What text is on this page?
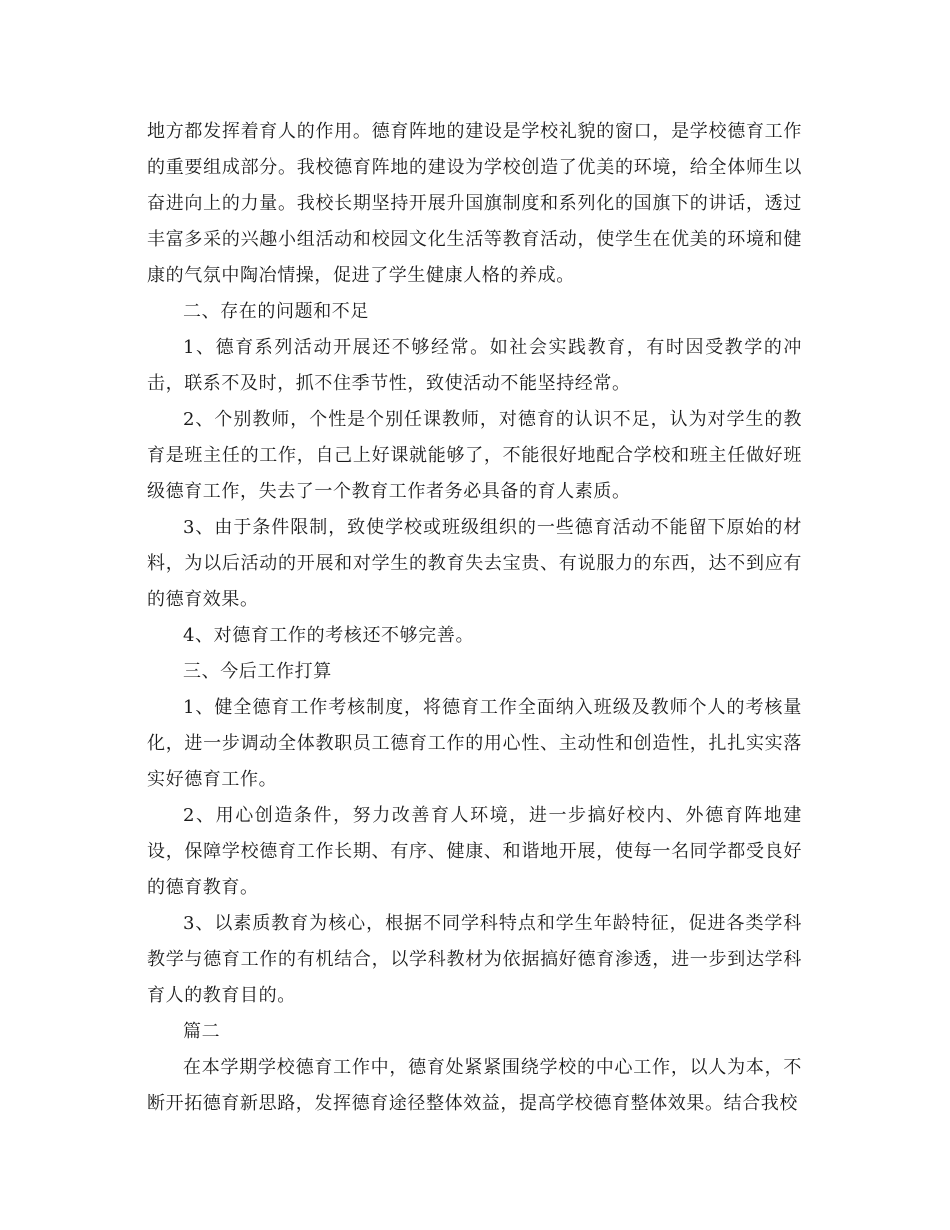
地方都发挥着育人的作用。德育阵地的建设是学校礼貌的窗口，是学校德育工作的重要组成部分。我校德育阵地的建设为学校创造了优美的环境，给全体师生以奋进向上的力量。我校长期坚持开展升国旗制度和系列化的国旗下的讲话，透过丰富多采的兴趣小组活动和校园文化生活等教育活动，使学生在优美的环境和健康的气氛中陶冶情操，促进了学生健康人格的养成。

二、存在的问题和不足

1、德育系列活动开展还不够经常。如社会实践教育，有时因受教学的冲击，联系不及时，抓不住季节性，致使活动不能坚持经常。

2、个别教师，个性是个别任课教师，对德育的认识不足，认为对学生的教育是班主任的工作，自己上好课就能够了，不能很好地配合学校和班主任做好班级德育工作，失去了一个教育工作者务必具备的育人素质。

3、由于条件限制，致使学校或班级组织的一些德育活动不能留下原始的材料，为以后活动的开展和对学生的教育失去宝贵、有说服力的东西，达不到应有的德育效果。

4、对德育工作的考核还不够完善。

三、今后工作打算

1、健全德育工作考核制度，将德育工作全面纳入班级及教师个人的考核量化，进一步调动全体教职员工德育工作的用心性、主动性和创造性，扎扎实实落实好德育工作。

2、用心创造条件，努力改善育人环境，进一步搞好校内、外德育阵地建设，保障学校德育工作长期、有序、健康、和谐地开展，使每一名同学都受良好的德育教育。

3、以素质教育为核心，根据不同学科特点和学生年龄特征，促进各类学科教学与德育工作的有机结合，以学科教材为依据搞好德育渗透，进一步到达学科育人的教育目的。

篇二

在本学期学校德育工作中，德育处紧紧围绕学校的中心工作，以人为本，不断开拓德育新思路，发挥德育途径整体效益，提高学校德育整体效果。结合我校
